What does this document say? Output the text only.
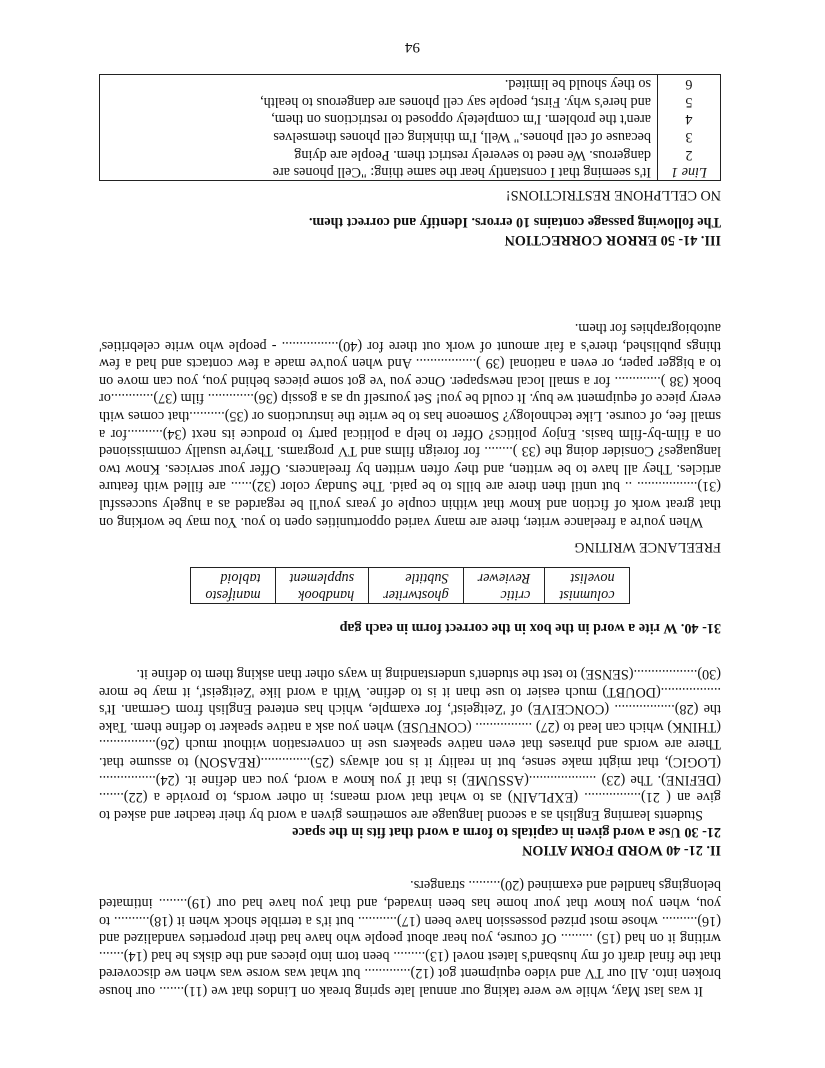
It was last May, while we were taking our annual late spring break on Lindos that we (11)....... our house broken into. All our TV and video equipment got (12)............. but what was worse was when we discovered that the final draft of my husband's latest novel (13)......... been torn into pieces and the disks he had (14)....... writing it on had (15) ......... Of course, you hear about people who have had their properties vandalized and (16).......... whose most prized possession have been (17)........... but it's a terrible shock when it (18).......... to you, when you know that your home has been invaded, and that you have had our (19)........ intimated belongings handled and examined (20)......... strangers.

II. 21- 40 WORD FORM ATION

21- 30 Use a word given in capitals to form a word that fits in the space

Students learning English as a second language are sometimes given a word by their teacher and asked to give an ( 21)................ (EXPLAIN) as to what that word means; in other words, to provide a (22)....... (DEFINE). The (23) ...................(ASSUME) is that if you know a word, you can define it. (24)................ (LOGIC), that might make sense, but in reality it is not always (25)..............(REASON) to assume that. There are words and phrases that even native speakers use in conversation without much (26)................ (THINK) which can lead to (27) ................ (CONFUSE) when you ask a native speaker to define them. Take the (28)................. (CONCEIVE) of 'Zeitgeist', for example, which has entered English from German. It's .................(DOUBT) much easier to use than it is to define. With a word like 'Zeitgeist', it may be more (30)..................(SENSE) to test the student's understanding in ways other than asking them to define it.

31- 40. W rite a word in the box in the correct form in each gap

columnist	critic	ghostwriter	handbook	manifesto
novelist	Reviewer	Subtitle	supplement	tabloid

FREELANCE WRITING

When you're a freelance writer, there are many varied opportunities open to you. You may be working on that great work of fiction and know that within couple of years you'll be regarded as a hugely successful (31)................. .. but until then there are bills to be paid. The Sunday color (32)...... are filled with feature articles. They all have to be written, and they often written by freelancers. Offer your services. Know two languages? Consider doing the (33 )........ for foreign films and TV programs. They're usually commissioned on a film-by-film basis. Enjoy politics? Offer to help a political party to produce its next (34)..........for a small fee, of course. Like technology? Someone has to be write the instructions or (35)..........that comes with every piece of equipment we buy. It could be you! Set yourself up as a gossip (36)............. film (37)............or book (38 )............. for a small local newspaper. Once you 've got some pieces behind you, you can move on to a bigger paper, or even a national (39 )................. And when you've made a few contacts and had a few things published, there's a fair amount of work out there for (40)................ - people who write celebrities' autobiographies for them.

III. 41- 50 ERROR CORRECTION

The following passage contains 10 errors. Identify and correct them.

NO CELLPHONE RESTRICTIONS!

Line 1	It's seeming that I constantly hear the same thing: "Cell phones are
2	dangerous. We need to severely restrict them. People are dying
3	because of cell phones." Well, I'm thinking cell phones themselves
4	aren't the problem. I'm completely opposed to restrictions on them,
5	and here's why. First, people say cell phones are dangerous to health,
6	so they should be limited.
94
